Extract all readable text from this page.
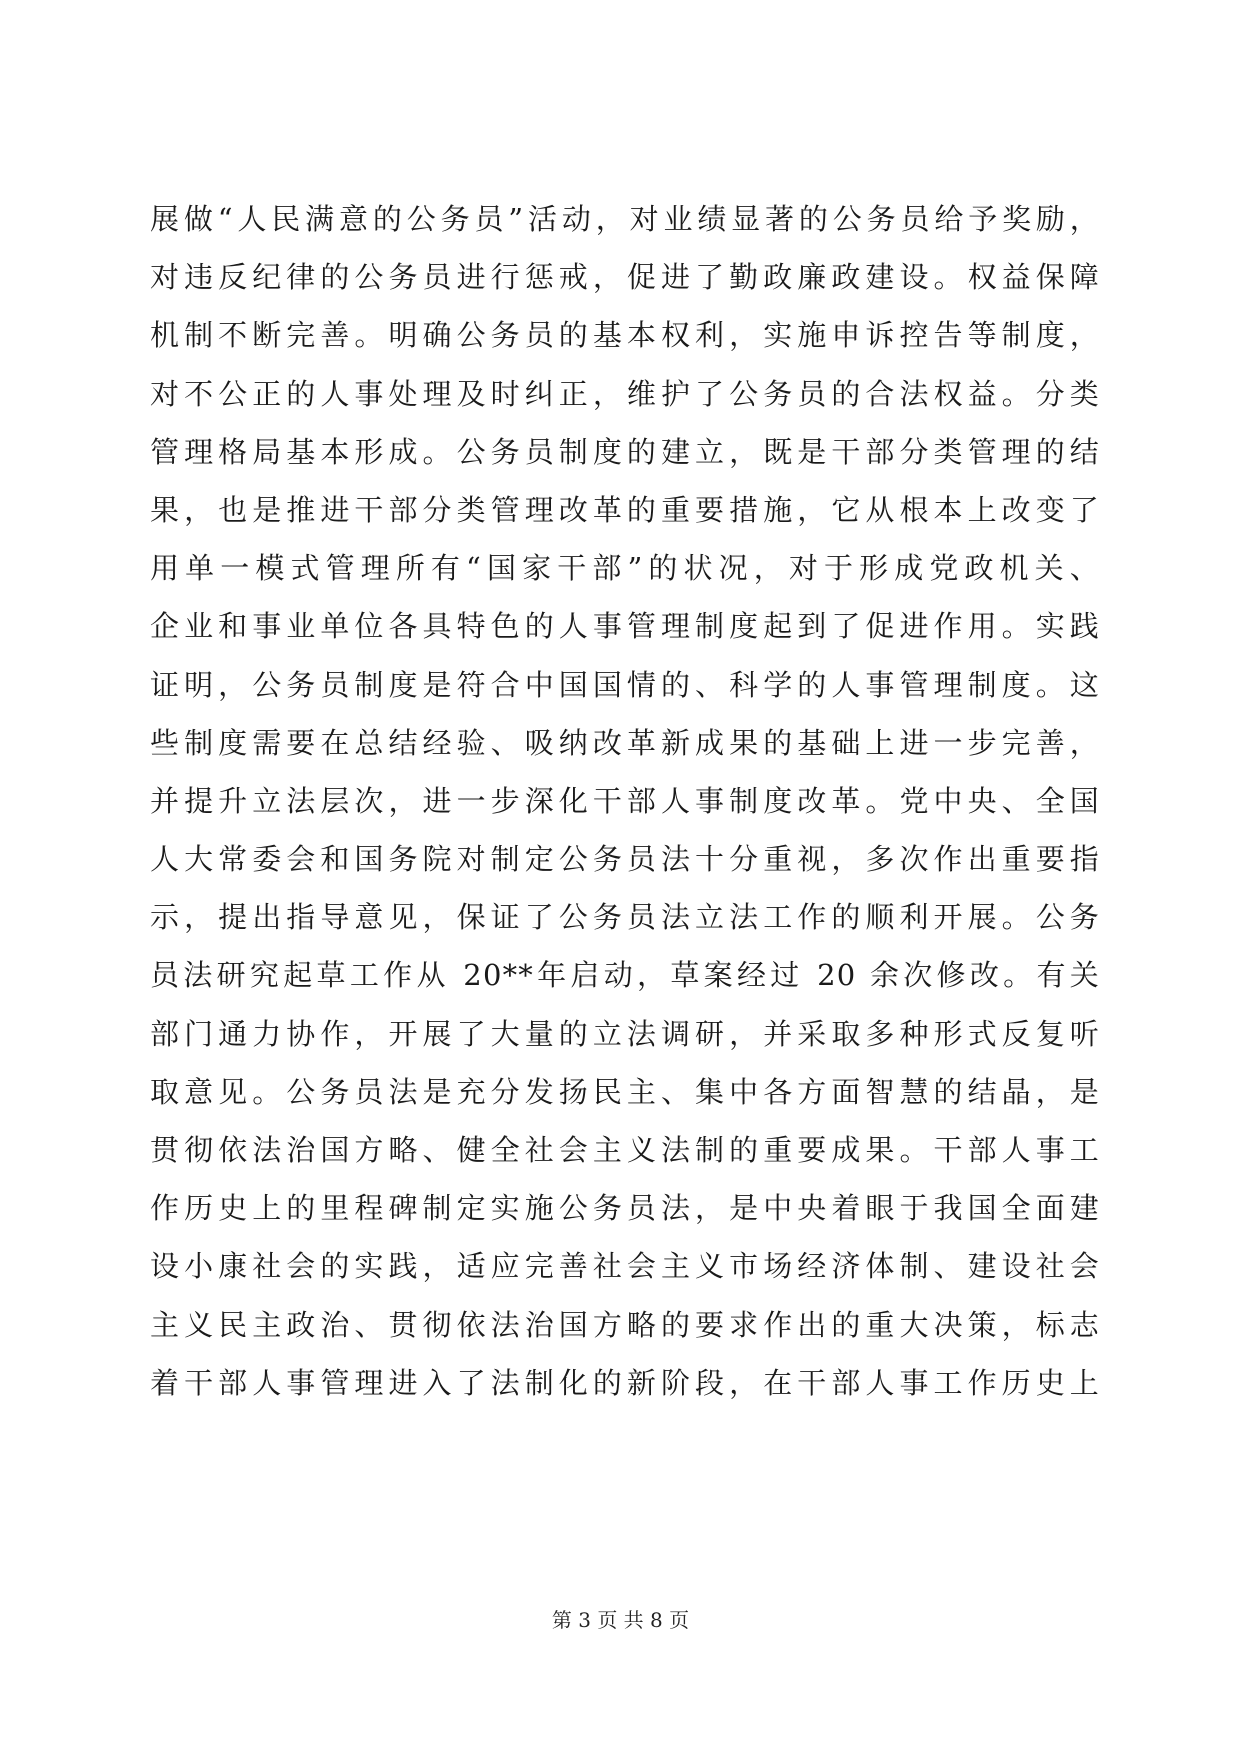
展做“人民满意的公务员”活动，对业绩显著的公务员给予奖励，
对违反纪律的公务员进行惩戒，促进了勤政廉政建设。权益保障
机制不断完善。明确公务员的基本权利，实施申诉控告等制度，
对不公正的人事处理及时纠正，维护了公务员的合法权益。分类
管理格局基本形成。公务员制度的建立，既是干部分类管理的结
果，也是推进干部分类管理改革的重要措施，它从根本上改变了
用单一模式管理所有“国家干部”的状况，对于形成党政机关、
企业和事业单位各具特色的人事管理制度起到了促进作用。实践
证明，公务员制度是符合中国国情的、科学的人事管理制度。这
些制度需要在总结经验、吸纳改革新成果的基础上进一步完善，
并提升立法层次，进一步深化干部人事制度改革。党中央、全国
人大常委会和国务院对制定公务员法十分重视，多次作出重要指
示，提出指导意见，保证了公务员法立法工作的顺利开展。公务
员法研究起草工作从 20**年启动，草案经过 20 余次修改。有关
部门通力协作，开展了大量的立法调研，并采取多种形式反复听
取意见。公务员法是充分发扬民主、集中各方面智慧的结晶，是
贯彻依法治国方略、健全社会主义法制的重要成果。干部人事工
作历史上的里程碑制定实施公务员法，是中央着眼于我国全面建
设小康社会的实践，适应完善社会主义市场经济体制、建设社会
主义民主政治、贯彻依法治国方略的要求作出的重大决策，标志
着干部人事管理进入了法制化的新阶段，在干部人事工作历史上
第 3 页 共 8 页
